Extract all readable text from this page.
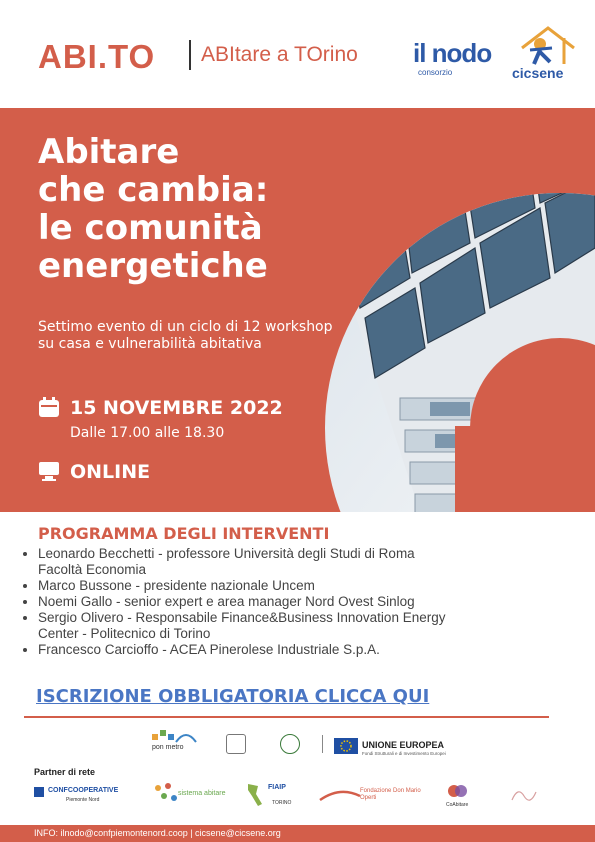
ABI.TO ABItare a TOrino il nodo
consorzio	cicsene
Abitare
che cambia:
le comunità
energetiche
Settimo evento di un ciclo di 12 workshop su casa e vulnerabilità abitativa
15 NOVEMBRE 2022
Dalle 17.00 alle 18.30
ONLINE
PROGRAMMA DEGLI INTERVENTI
• Leonardo Becchetti - professore Università degli Studi di Roma Facoltà Economia
• Marco Bussone - presidente nazionale Uncem
• Noemi Gallo - senior expert e area manager Nord Ovest Sinlog
• Sergio Olivero - Responsabile Finance&Business Innovation Energy Center - Politecnico di Torino
• Francesco Carcioffo - ACEA Pinerolese Industriale S.p.A.
ISCRIZIONE OBBLIGATORIA CLICCA QUI
pon metro	UNIONE EUROPEA
Fondi Strutturali e di Investimento Europei
Partner di rete
CONFCOOPERATIVE
Piemonte Nord
sistema abitare
FIAIP
TORINO
Fondazione Don Mario Operti
CoAbitare
INFO: ilnodo@confpiemontenord.coop | cicsene@cicsene.org
